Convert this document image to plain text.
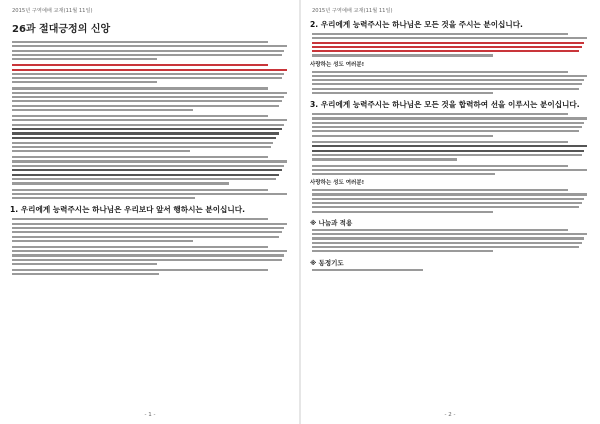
2015년 구역예배 교재(11월 11일)
26과 절대긍정의 신앙
1. 우리에게 능력주시는 하나님은 우리보다 앞서 행하시는 분이십니다.
- 1 -
2015년 구역예배 교재(11월 11일)
2. 우리에게 능력주시는 하나님은 모든 것을 주시는 분이십니다.
사랑하는 성도 여러분!
3. 우리에게 능력주시는 하나님은 모든 것을 합력하여 선을 이루시는 분이십니다.
사랑하는 성도 여러분!
※ 나눔과 적용
※ 동정기도
- 2 -
